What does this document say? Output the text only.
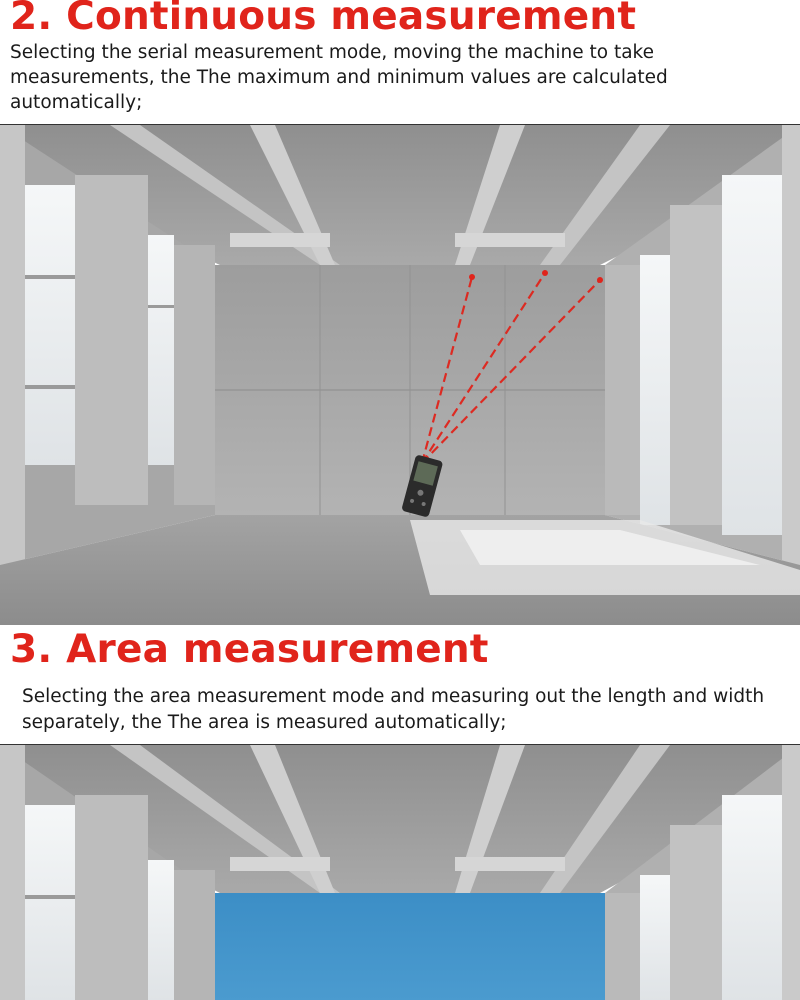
2. Continuous measurement

Selecting the serial measurement mode, moving the machine to take measurements, the The maximum and minimum values are calculated automatically;

3. Area measurement

Selecting the area measurement mode and measuring out the length and width separately, the The area is measured automatically;
